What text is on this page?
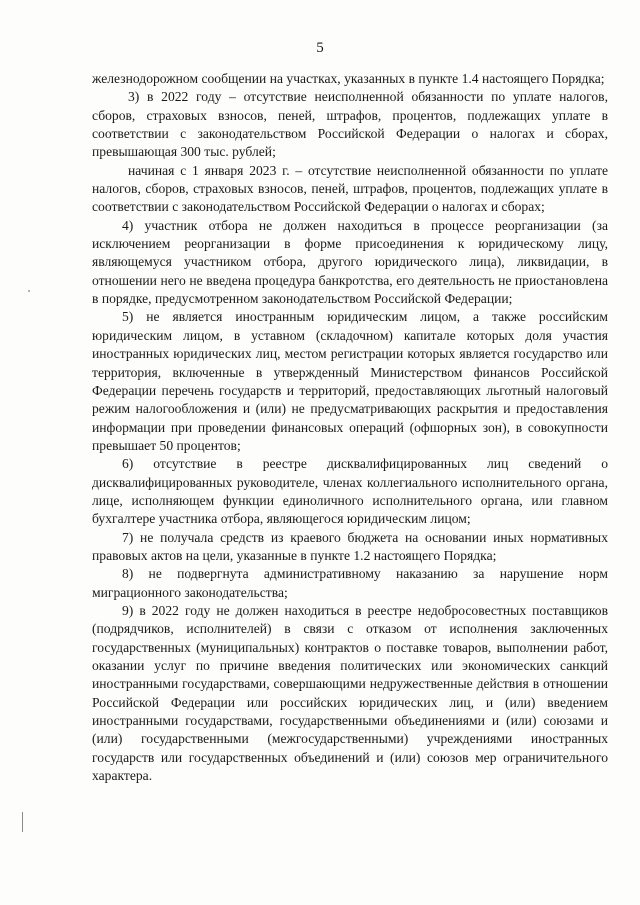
5

железнодорожном сообщении на участках, указанных в пункте 1.4 настоящего Порядка;

3) в 2022 году – отсутствие неисполненной обязанности по уплате налогов, сборов, страховых взносов, пеней, штрафов, процентов, подлежащих уплате в соответствии с законодательством Российской Федерации о налогах и сборах, превышающая 300 тыс. рублей;

начиная с 1 января 2023 г. – отсутствие неисполненной обязанности по уплате налогов, сборов, страховых взносов, пеней, штрафов, процентов, подлежащих уплате в соответствии с законодательством Российской Федерации о налогах и сборах;

4) участник отбора не должен находиться в процессе реорганизации (за исключением реорганизации в форме присоединения к юридическому лицу, являющемуся участником отбора, другого юридического лица), ликвидации, в отношении него не введена процедура банкротства, его деятельность не приостановлена в порядке, предусмотренном законодательством Российской Федерации;

5) не является иностранным юридическим лицом, а также российским юридическим лицом, в уставном (складочном) капитале которых доля участия иностранных юридических лиц, местом регистрации которых является государство или территория, включенные в утвержденный Министерством финансов Российской Федерации перечень государств и территорий, предоставляющих льготный налоговый режим налогообложения и (или) не предусматривающих раскрытия и предоставления информации при проведении финансовых операций (офшорных зон), в совокупности превышает 50 процентов;

6) отсутствие в реестре дисквалифицированных лиц сведений о дисквалифицированных руководителе, членах коллегиального исполнительного органа, лице, исполняющем функции единоличного исполнительного органа, или главном бухгалтере участника отбора, являющегося юридическим лицом;

7) не получала средств из краевого бюджета на основании иных нормативных правовых актов на цели, указанные в пункте 1.2 настоящего Порядка;

8) не подвергнута административному наказанию за нарушение норм миграционного законодательства;

9) в 2022 году не должен находиться в реестре недобросовестных поставщиков (подрядчиков, исполнителей) в связи с отказом от исполнения заключенных государственных (муниципальных) контрактов о поставке товаров, выполнении работ, оказании услуг по причине введения политических или экономических санкций иностранными государствами, совершающими недружественные действия в отношении Российской Федерации или российских юридических лиц, и (или) введением иностранными государствами, государственными объединениями и (или) союзами и (или) государственными (межгосударственными) учреждениями иностранных государств или государственных объединений и (или) союзов мер ограничительного характера.
